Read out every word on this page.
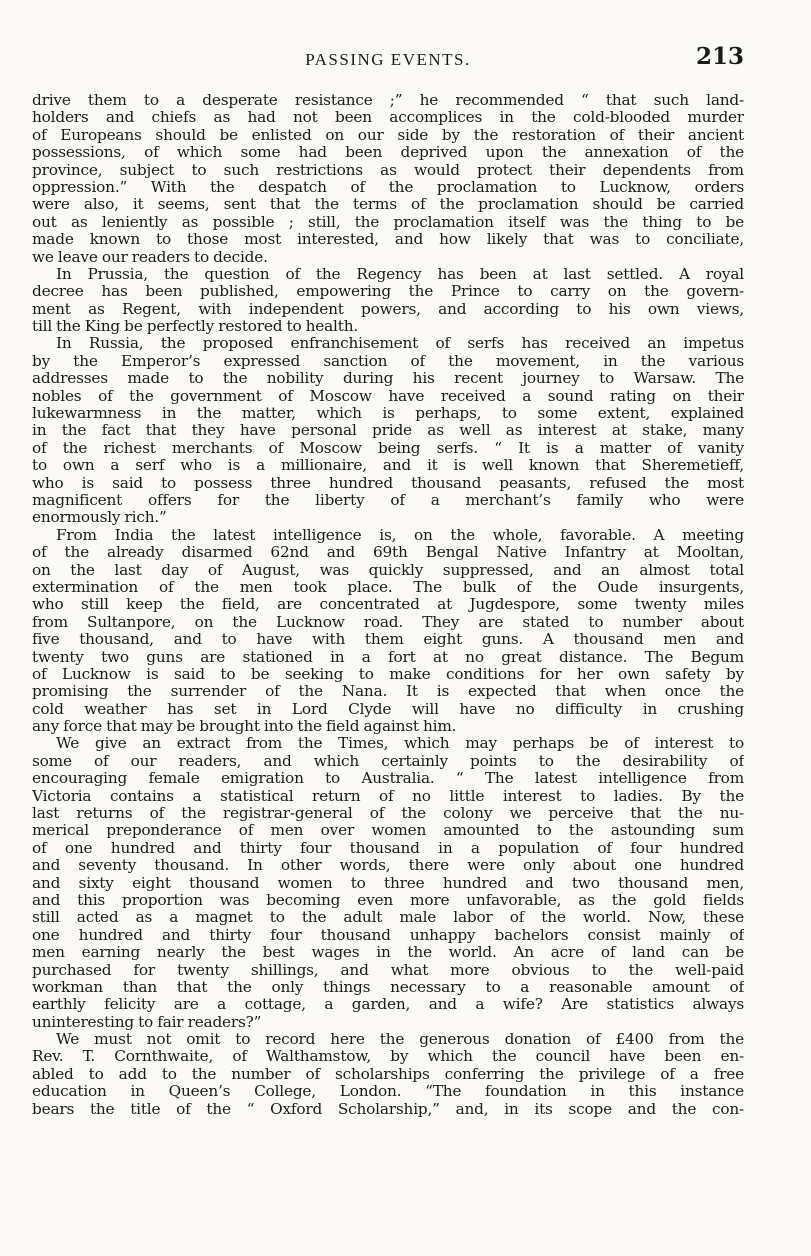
PASSING EVENTS.	213
drive them to a desperate resistance ;” he recommended “ that such land-
holders and chiefs as had not been accomplices in the cold-blooded murder
of Europeans should be enlisted on our side by the restoration of their ancient
possessions, of which some had been deprived upon the annexation of the
province, subject to such restrictions as would protect their dependents from
oppression.” With the despatch of the proclamation to Lucknow, orders
were also, it seems, sent that the terms of the proclamation should be carried
out as leniently as possible ; still, the proclamation itself was the thing to be
made known to those most interested, and how likely that was to conciliate,
we leave our readers to decide.
In Prussia, the question of the Regency has been at last settled. A royal
decree has been published, empowering the Prince to carry on the govern-
ment as Regent, with independent powers, and according to his own views,
till the King be perfectly restored to health.
In Russia, the proposed enfranchisement of serfs has received an impetus
by the Emperor’s expressed sanction of the movement, in the various
addresses made to the nobility during his recent journey to Warsaw. The
nobles of the government of Moscow have received a sound rating on their
lukewarmness in the matter, which is perhaps, to some extent, explained
in the fact that they have personal pride as well as interest at stake, many
of the richest merchants of Moscow being serfs. “ It is a matter of vanity
to own a serf who is a millionaire, and it is well known that Sheremetieff,
who is said to possess three hundred thousand peasants, refused the most
magnificent offers for the liberty of a merchant’s family who were
enormously rich.”
From India the latest intelligence is, on the whole, favorable. A meeting
of the already disarmed 62nd and 69th Bengal Native Infantry at Mooltan,
on the last day of August, was quickly suppressed, and an almost total
extermination of the men took place. The bulk of the Oude insurgents,
who still keep the field, are concentrated at Jugdespore, some twenty miles
from Sultanpore, on the Lucknow road. They are stated to number about
five thousand, and to have with them eight guns. A thousand men and
twenty two guns are stationed in a fort at no great distance. The Begum
of Lucknow is said to be seeking to make conditions for her own safety by
promising the surrender of the Nana. It is expected that when once the
cold weather has set in Lord Clyde will have no difficulty in crushing
any force that may be brought into the field against him.
We give an extract from the Times, which may perhaps be of interest to
some of our readers, and which certainly points to the desirability of
encouraging female emigration to Australia. “ The latest intelligence from
Victoria contains a statistical return of no little interest to ladies. By the
last returns of the registrar-general of the colony we perceive that the nu-
merical preponderance of men over women amounted to the astounding sum
of one hundred and thirty four thousand in a population of four hundred
and seventy thousand. In other words, there were only about one hundred
and sixty eight thousand women to three hundred and two thousand men,
and this proportion was becoming even more unfavorable, as the gold fields
still acted as a magnet to the adult male labor of the world. Now, these
one hundred and thirty four thousand unhappy bachelors consist mainly of
men earning nearly the best wages in the world. An acre of land can be
purchased for twenty shillings, and what more obvious to the well-paid
workman than that the only things necessary to a reasonable amount of
earthly felicity are a cottage, a garden, and a wife? Are statistics always
uninteresting to fair readers?”
We must not omit to record here the generous donation of £400 from the
Rev. T. Cornthwaite, of Walthamstow, by which the council have been en-
abled to add to the number of scholarships conferring the privilege of a free
education in Queen’s College, London. “The foundation in this instance
bears the title of the “ Oxford Scholarship,” and, in its scope and the con-
